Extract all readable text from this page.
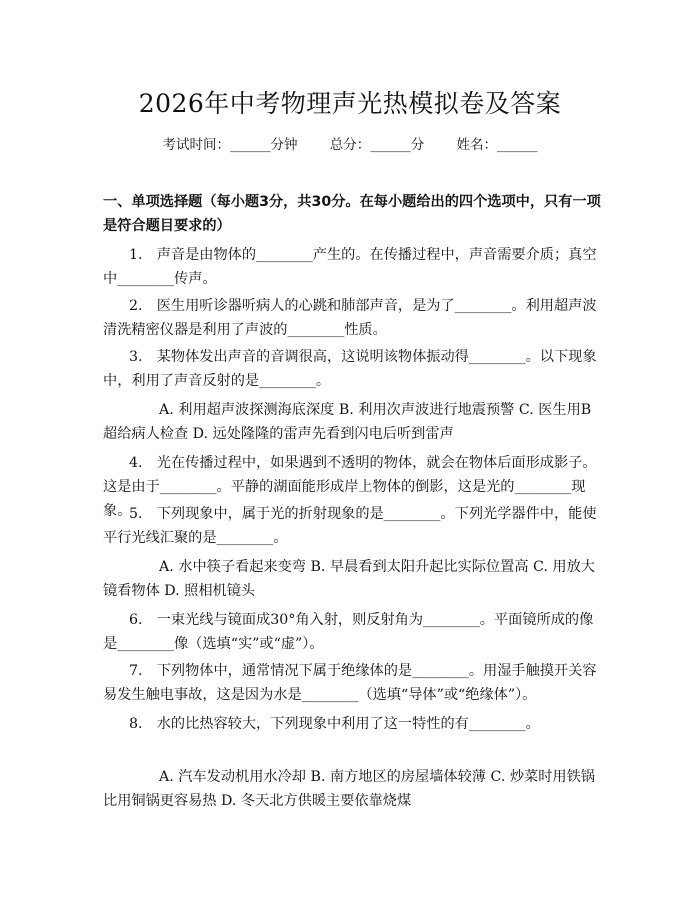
2026年中考物理声光热模拟卷及答案
考试时间：______分钟 总分：______分 姓名：______
一、单项选择题（每小题3分，共30分。在每小题给出的四个选项中，只有一项是符合题目要求的）
1.　声音是由物体的________产生的。在传播过程中，声音需要介质；真空中________传声。
2.　医生用听诊器听病人的心跳和肺部声音，是为了________。利用超声波清洗精密仪器是利用了声波的________性质。
3.　某物体发出声音的音调很高，这说明该物体振动得________。以下现象中，利用了声音反射的是________。
A. 利用超声波探测海底深度 B. 利用次声波进行地震预警 C. 医生用B超给病人检查 D. 远处隆隆的雷声先看到闪电后听到雷声
4.　光在传播过程中，如果遇到不透明的物体，就会在物体后面形成影子。这是由于________。平静的湖面能形成岸上物体的倒影，这是光的________现象。
5.　下列现象中，属于光的折射现象的是________。下列光学器件中，能使平行光线汇聚的是________。
A. 水中筷子看起来变弯 B. 早晨看到太阳升起比实际位置高 C. 用放大镜看物体 D. 照相机镜头
6.　一束光线与镜面成30°角入射，则反射角为________。平面镜所成的像是________像（选填“实”或“虚”）。
7.　下列物体中，通常情况下属于绝缘体的是________。用湿手触摸开关容易发生触电事故，这是因为水是________（选填“导体”或“绝缘体”）。
8.　水的比热容较大，下列现象中利用了这一特性的有________。
A. 汽车发动机用水冷却 B. 南方地区的房屋墙体较薄 C. 炒菜时用铁锅比用铜锅更容易热 D. 冬天北方供暖主要依靠烧煤
